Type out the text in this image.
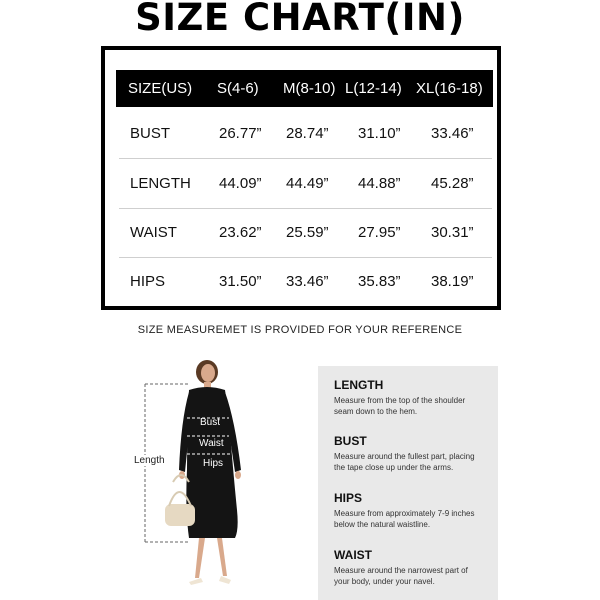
SIZE CHART(IN)
SIZE(US) S(4-6) M(8-10) L(12-14) XL(16-18)
BUST	26.77” 28.74” 31.10” 33.46”
LENGTH 44.09” 44.49” 44.88” 45.28”
WAIST	23.62” 25.59” 27.95” 30.31”
HIPS	31.50” 33.46” 35.83” 38.19”
SIZE MEASUREMET IS PROVIDED FOR YOUR REFERENCE
Length
Bust
Waist
Hips
LENGTH
Measure from the top of the shoulder
seam down to the hem.
BUST
Measure around the fullest part, placing
the tape close up under the arms.
HIPS
Measure from approximately 7-9 inches
below the natural waistline.
WAIST
Measure around the narrowest part of
your body, under your navel.
